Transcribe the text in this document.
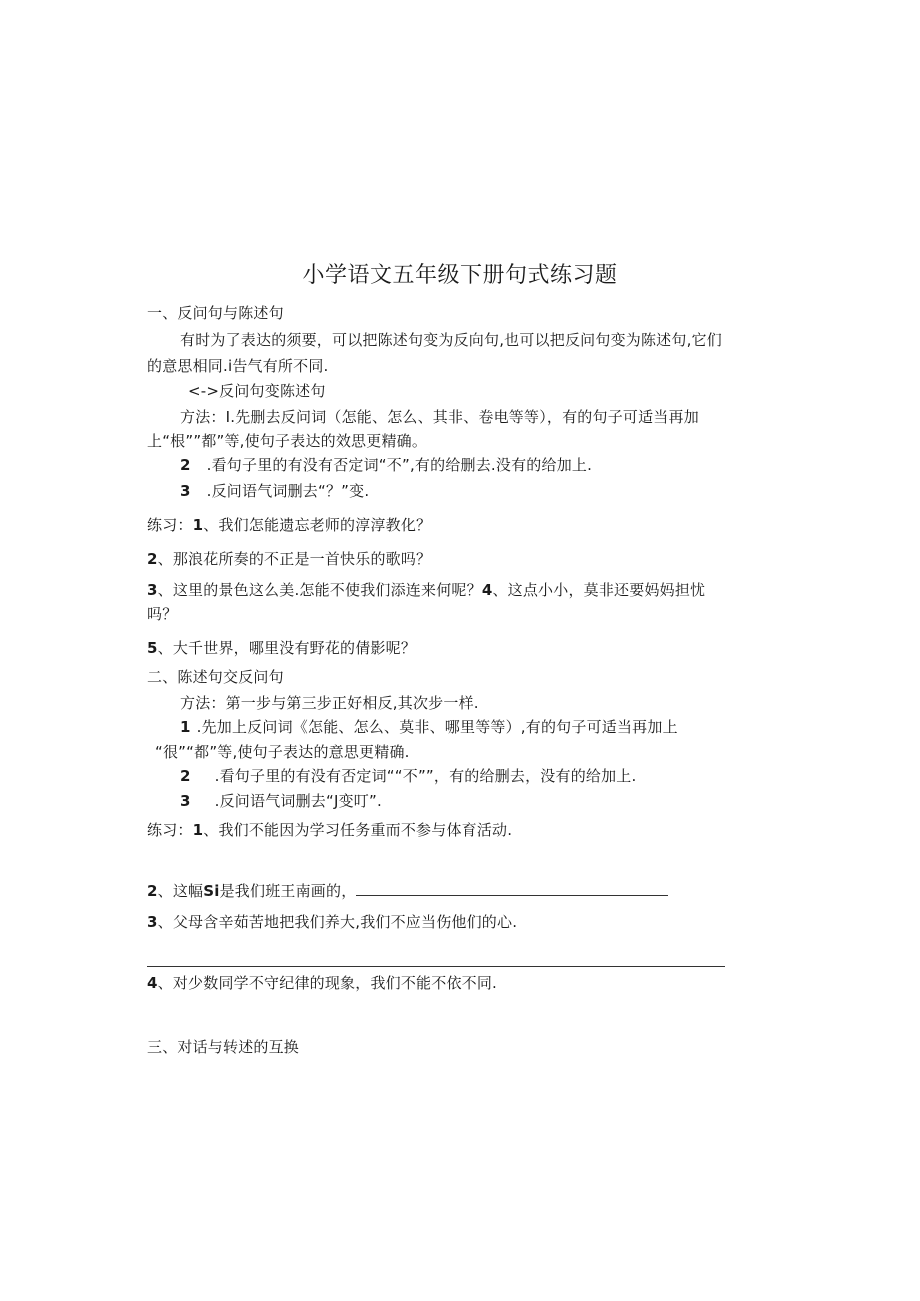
小学语文五年级下册句式练习题
一、反问句与陈述句
有时为了表达的须要，可以把陈述句变为反向句,也可以把反问句变为陈述句,它们
的意思相同.i告气有所不同.
<->反问句变陈述句
方法：I.先删去反问词（怎能、怎么、其非、卷电等等），有的句子可适当再加
上“根””都”等,使句子表达的效思更精确。
2 .看句子里的有没有否定词“不”,有的给删去.没有的给加上.
3 .反问语气词删去“？”变.
练习：1、我们怎能遗忘老师的淳淳教化？
2、那浪花所奏的不正是一首快乐的歌吗？
3、这里的景色这么美.怎能不使我们添连来何呢？4、这点小小，莫非还要妈妈担忧
吗？
5、大千世界，哪里没有野花的倩影呢？
二、陈述句交反问句
方法：第一步与第三步正好相反,其次步一样.
1 .先加上反问词《怎能、怎么、莫非、哪里等等）,有的句子可适当再加上
“很”“都”等,使句子表达的意思更精确.
2 .看句子里的有没有否定词““不””，有的给删去，没有的给加上.
3 .反问语气词删去“J变叮”.
练习：1、我们不能因为学习任务重而不参与体育活动.
2、这幅Si是我们班王南画的，
3、父母含辛茹苦地把我们养大,我们不应当伤他们的心.
4、对少数同学不守纪律的现象，我们不能不依不同.
三、对话与转述的互换
